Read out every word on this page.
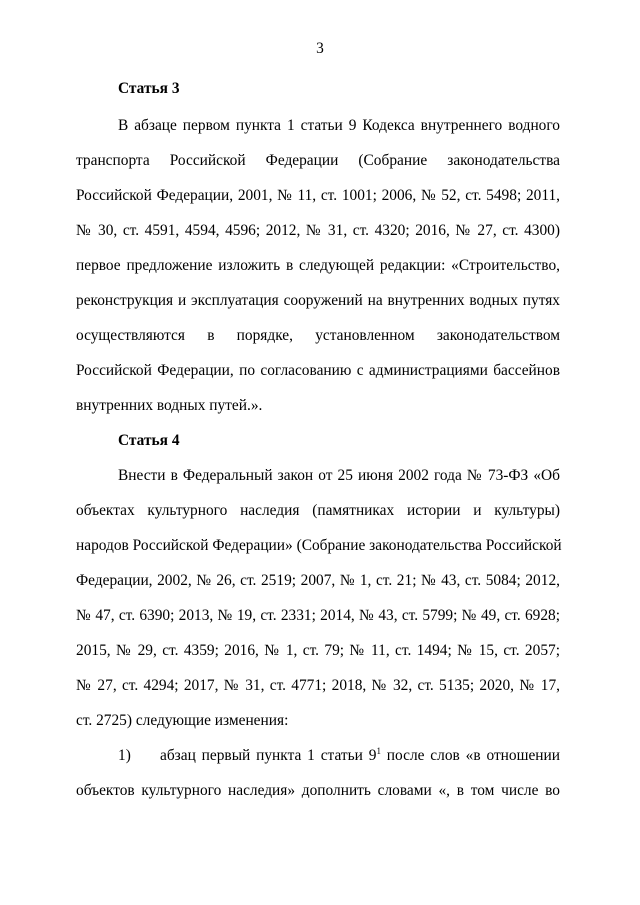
3
Статья 3
В абзаце первом пункта 1 статьи 9 Кодекса внутреннего водного
транспорта Российской Федерации (Собрание законодательства
Российской Федерации, 2001, № 11, ст. 1001; 2006, № 52, ст. 5498; 2011,
№ 30, ст. 4591, 4594, 4596; 2012, № 31, ст. 4320; 2016, № 27, ст. 4300)
первое предложение изложить в следующей редакции: «Строительство,
реконструкция и эксплуатация сооружений на внутренних водных путях
осуществляются в порядке, установленном законодательством
Российской Федерации, по согласованию с администрациями бассейнов
внутренних водных путей.».
Статья 4
Внести в Федеральный закон от 25 июня 2002 года № 73-ФЗ «Об
объектах культурного наследия (памятниках истории и культуры)
народов Российской Федерации» (Собрание законодательства Российской
Федерации, 2002, № 26, ст. 2519; 2007, № 1, ст. 21; № 43, ст. 5084; 2012,
№ 47, ст. 6390; 2013, № 19, ст. 2331; 2014, № 43, ст. 5799; № 49, ст. 6928;
2015, № 29, ст. 4359; 2016, № 1, ст. 79; № 11, ст. 1494; № 15, ст. 2057;
№ 27, ст. 4294; 2017, № 31, ст. 4771; 2018, № 32, ст. 5135; 2020, № 17,
ст. 2725) следующие изменения:
1) абзац первый пункта 1 статьи $9^1$ после слов «в отношении
объектов культурного наследия» дополнить словами «, в том числе во
